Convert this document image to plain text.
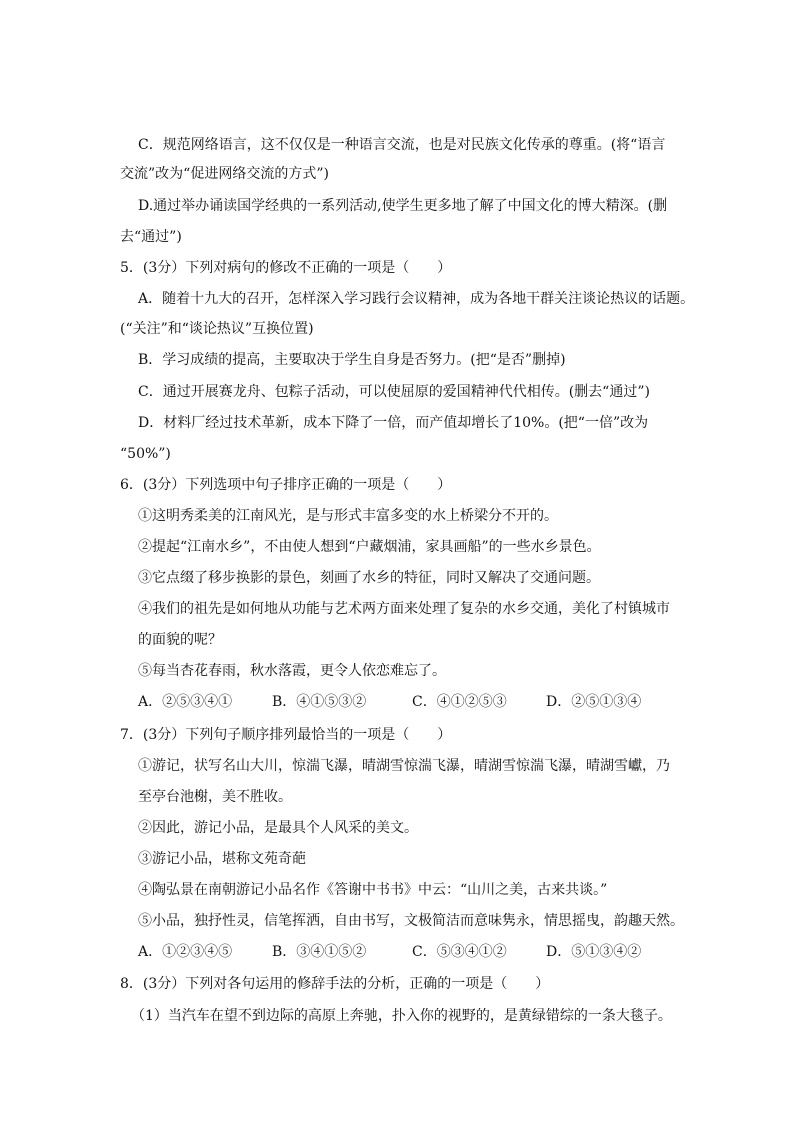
C．规范网络语言，这不仅仅是一种语言交流，也是对民族文化传承的尊重。(将“语言
交流”改为“促进网络交流的方式”)
D.通过举办诵读国学经典的一系列活动,使学生更多地了解了中国文化的博大精深。(删
去“通过”)
5．(3分）下列对病句的修改不正确的一项是（　　）
A．随着十九大的召开，怎样深入学习践行会议精神，成为各地干群关注谈论热议的话题。
(“关注”和“谈论热议”互换位置)
B．学习成绩的提高，主要取决于学生自身是否努力。(把“是否”删掉)
C．通过开展赛龙舟、包粽子活动，可以使屈原的爱国精神代代相传。(删去“通过”)
D．材料厂经过技术革新，成本下降了一倍，而产值却增长了10%。(把“一倍”改为
“50%”)
6．(3分）下列选项中句子排序正确的一项是（　　）
①这明秀柔美的江南风光，是与形式丰富多变的水上桥梁分不开的。
②提起“江南水乡”，不由使人想到“户藏烟浦，家具画船”的一些水乡景色。
③它点缀了移步换影的景色，刻画了水乡的特征，同时又解决了交通问题。
④我们的祖先是如何地从功能与艺术两方面来处理了复杂的水乡交通，美化了村镇城市
的面貌的呢？
⑤每当杏花春雨，秋水落霞，更令人依恋难忘了。
A．②⑤③④①	B．④①⑤③②	C．④①②⑤③	D．②⑤①③④
7．(3分）下列句子顺序排列最恰当的一项是（　　）
①游记，状写名山大川，惊湍飞瀑，晴湖雪惊湍飞瀑，晴湖雪惊湍飞瀑，晴湖雪巘，乃
至亭台池榭，美不胜收。
②因此，游记小品，是最具个人风采的美文。
③游记小品，堪称文苑奇葩
④陶弘景在南朝游记小品名作《答谢中书书》中云：“山川之美，古来共谈。”
⑤小品，独抒性灵，信笔挥洒，自由书写，文极简洁而意味隽永，情思摇曳，韵趣天然。
A．①②③④⑤	B．③④①⑤②	C．⑤③④①②	D．⑤①③④②
8．(3分）下列对各句运用的修辞手法的分析，正确的一项是（　　）
（1）当汽车在望不到边际的高原上奔驰，扑入你的视野的，是黄绿错综的一条大毯子。
